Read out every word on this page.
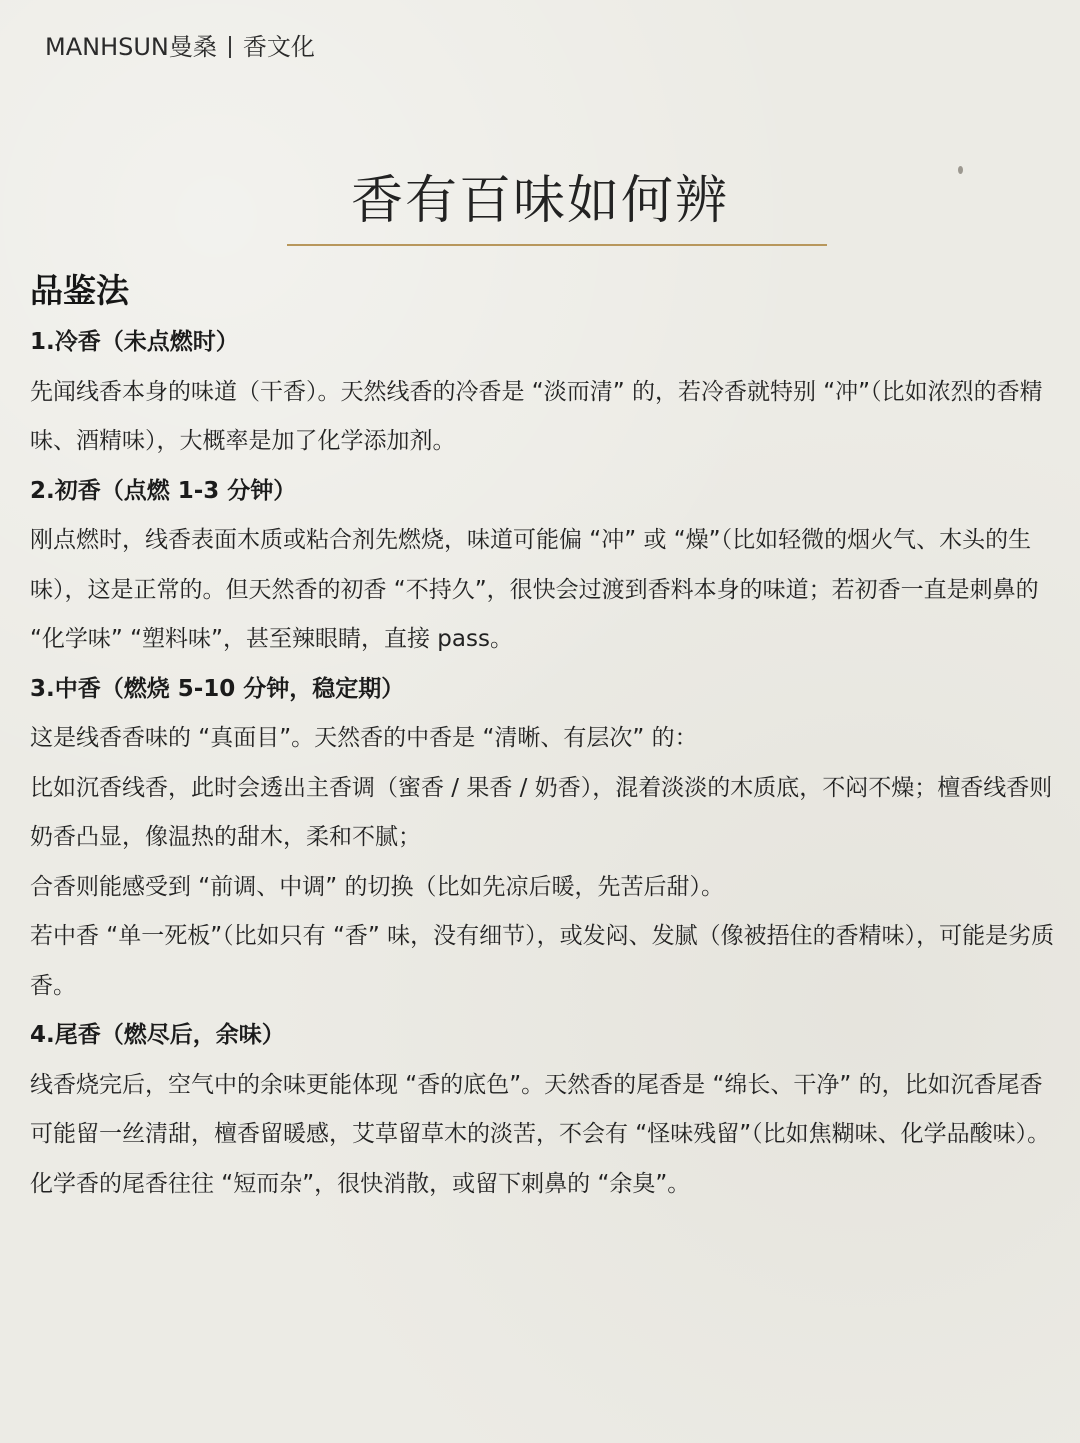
MANHSUN曼桑 香文化
香有百味如何辨
品鉴法
1.冷香（未点燃时）

先闻线香本身的味道（干香）。天然线香的冷香是 “淡而清” 的，若冷香就特别 “冲”（比如浓烈的香精味、酒精味），大概率是加了化学添加剂。

2.初香（点燃 1-3 分钟）

刚点燃时，线香表面木质或粘合剂先燃烧，味道可能偏 “冲” 或 “燥”（比如轻微的烟火气、木头的生味），这是正常的。但天然香的初香 “不持久”，很快会过渡到香料本身的味道；若初香一直是刺鼻的 “化学味” “塑料味”，甚至辣眼睛，直接 pass。

3.中香（燃烧 5-10 分钟，稳定期）

这是线香香味的 “真面目”。天然香的中香是 “清晰、有层次” 的：

比如沉香线香，此时会透出主香调（蜜香 / 果香 / 奶香），混着淡淡的木质底，不闷不燥；檀香线香则奶香凸显，像温热的甜木，柔和不腻；

合香则能感受到 “前调、中调” 的切换（比如先凉后暖，先苦后甜）。

若中香 “单一死板”（比如只有 “香” 味，没有细节），或发闷、发腻（像被捂住的香精味），可能是劣质香。

4.尾香（燃尽后，余味）

线香烧完后，空气中的余味更能体现 “香的底色”。天然香的尾香是 “绵长、干净” 的，比如沉香尾香可能留一丝清甜，檀香留暖感，艾草留草木的淡苦，不会有 “怪味残留”（比如焦糊味、化学品酸味）。

化学香的尾香往往 “短而杂”，很快消散，或留下刺鼻的 “余臭”。
